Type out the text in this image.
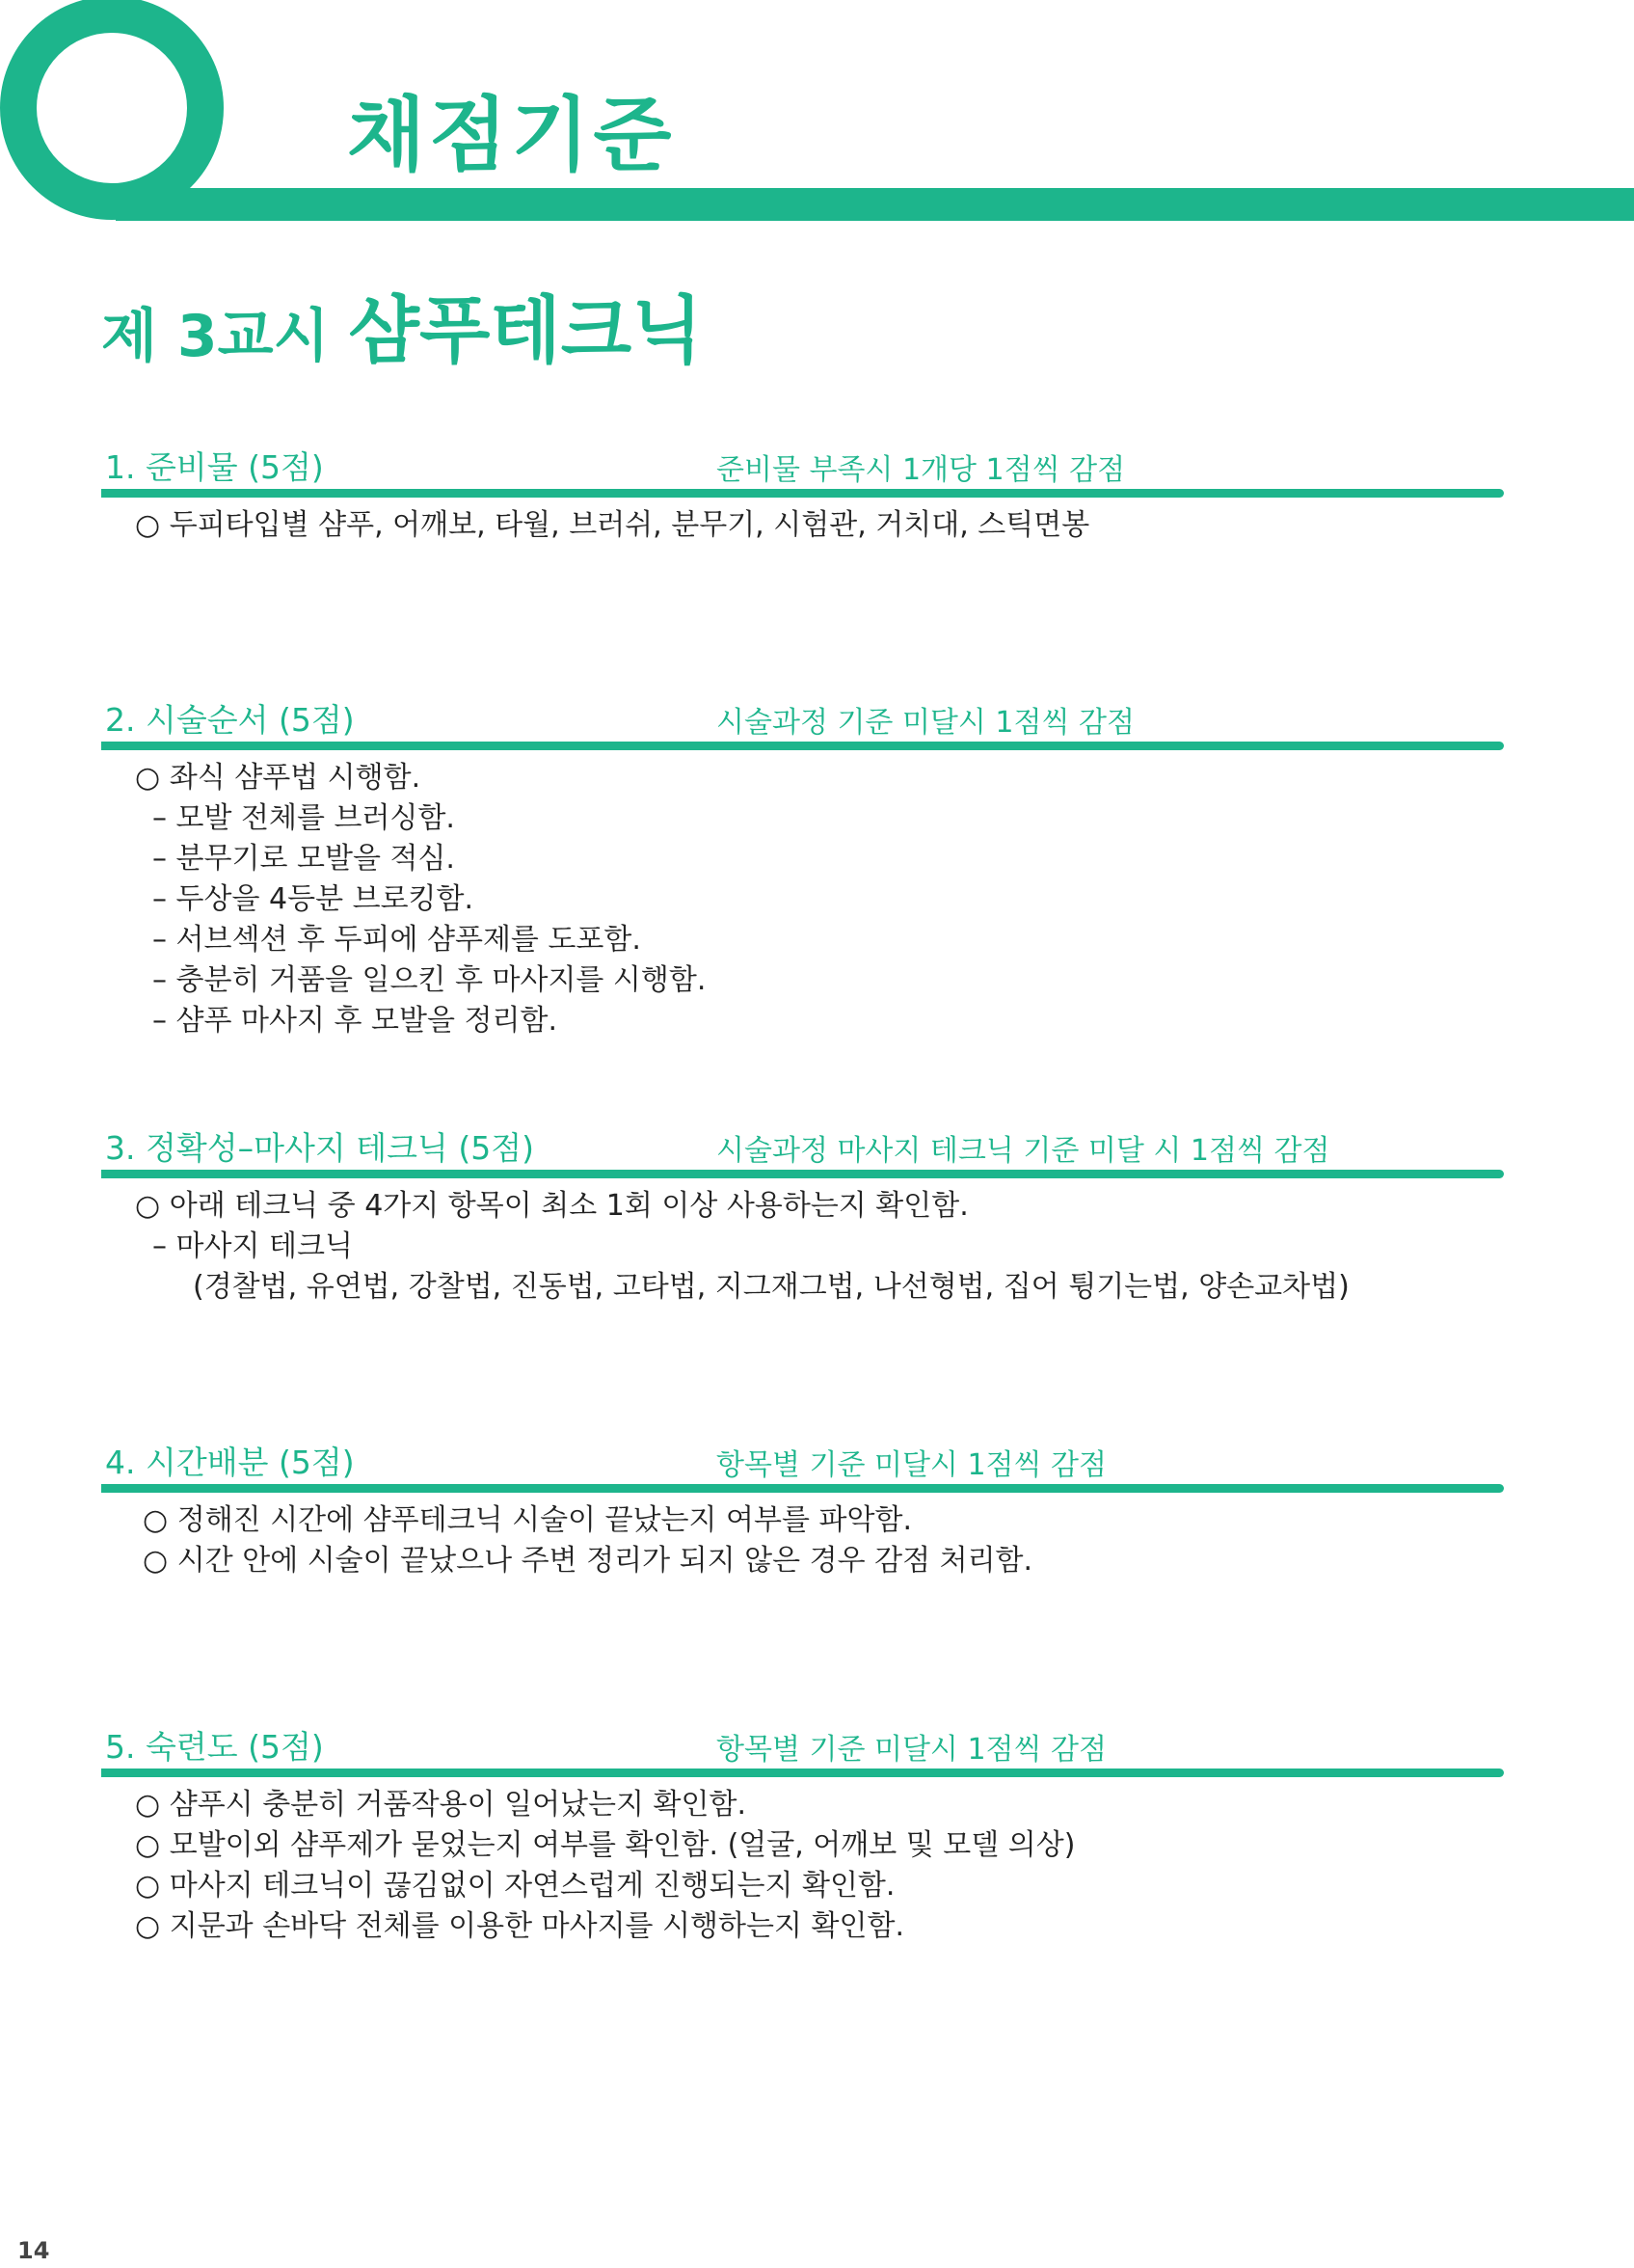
채점기준
제 3교시 샴푸테크닉
1. 준비물 (5점)	준비물 부족시 1개당 1점씩 감점
○ 두피타입별 샴푸, 어깨보, 타월, 브러쉬, 분무기, 시험관, 거치대, 스틱면봉
2. 시술순서 (5점)	시술과정 기준 미달시 1점씩 감점
○ 좌식 샴푸법 시행함.
– 모발 전체를 브러싱함.
– 분무기로 모발을 적심.
– 두상을 4등분 브로킹함.
– 서브섹션 후 두피에 샴푸제를 도포함.
– 충분히 거품을 일으킨 후 마사지를 시행함.
– 샴푸 마사지 후 모발을 정리함.
3. 정확성–마사지 테크닉 (5점)	시술과정 마사지 테크닉 기준 미달 시 1점씩 감점
○ 아래 테크닉 중 4가지 항목이 최소 1회 이상 사용하는지 확인함.
– 마사지 테크닉
(경찰법, 유연법, 강찰법, 진동법, 고타법, 지그재그법, 나선형법, 집어 튕기는법, 양손교차법)
4. 시간배분 (5점)	항목별 기준 미달시 1점씩 감점
○ 정해진 시간에 샴푸테크닉 시술이 끝났는지 여부를 파악함.
○ 시간 안에 시술이 끝났으나 주변 정리가 되지 않은 경우 감점 처리함.
5. 숙련도 (5점)	항목별 기준 미달시 1점씩 감점
○ 샴푸시 충분히 거품작용이 일어났는지 확인함.
○ 모발이외 샴푸제가 묻었는지 여부를 확인함. (얼굴, 어깨보 및 모델 의상)
○ 마사지 테크닉이 끊김없이 자연스럽게 진행되는지 확인함.
○ 지문과 손바닥 전체를 이용한 마사지를 시행하는지 확인함.
14
